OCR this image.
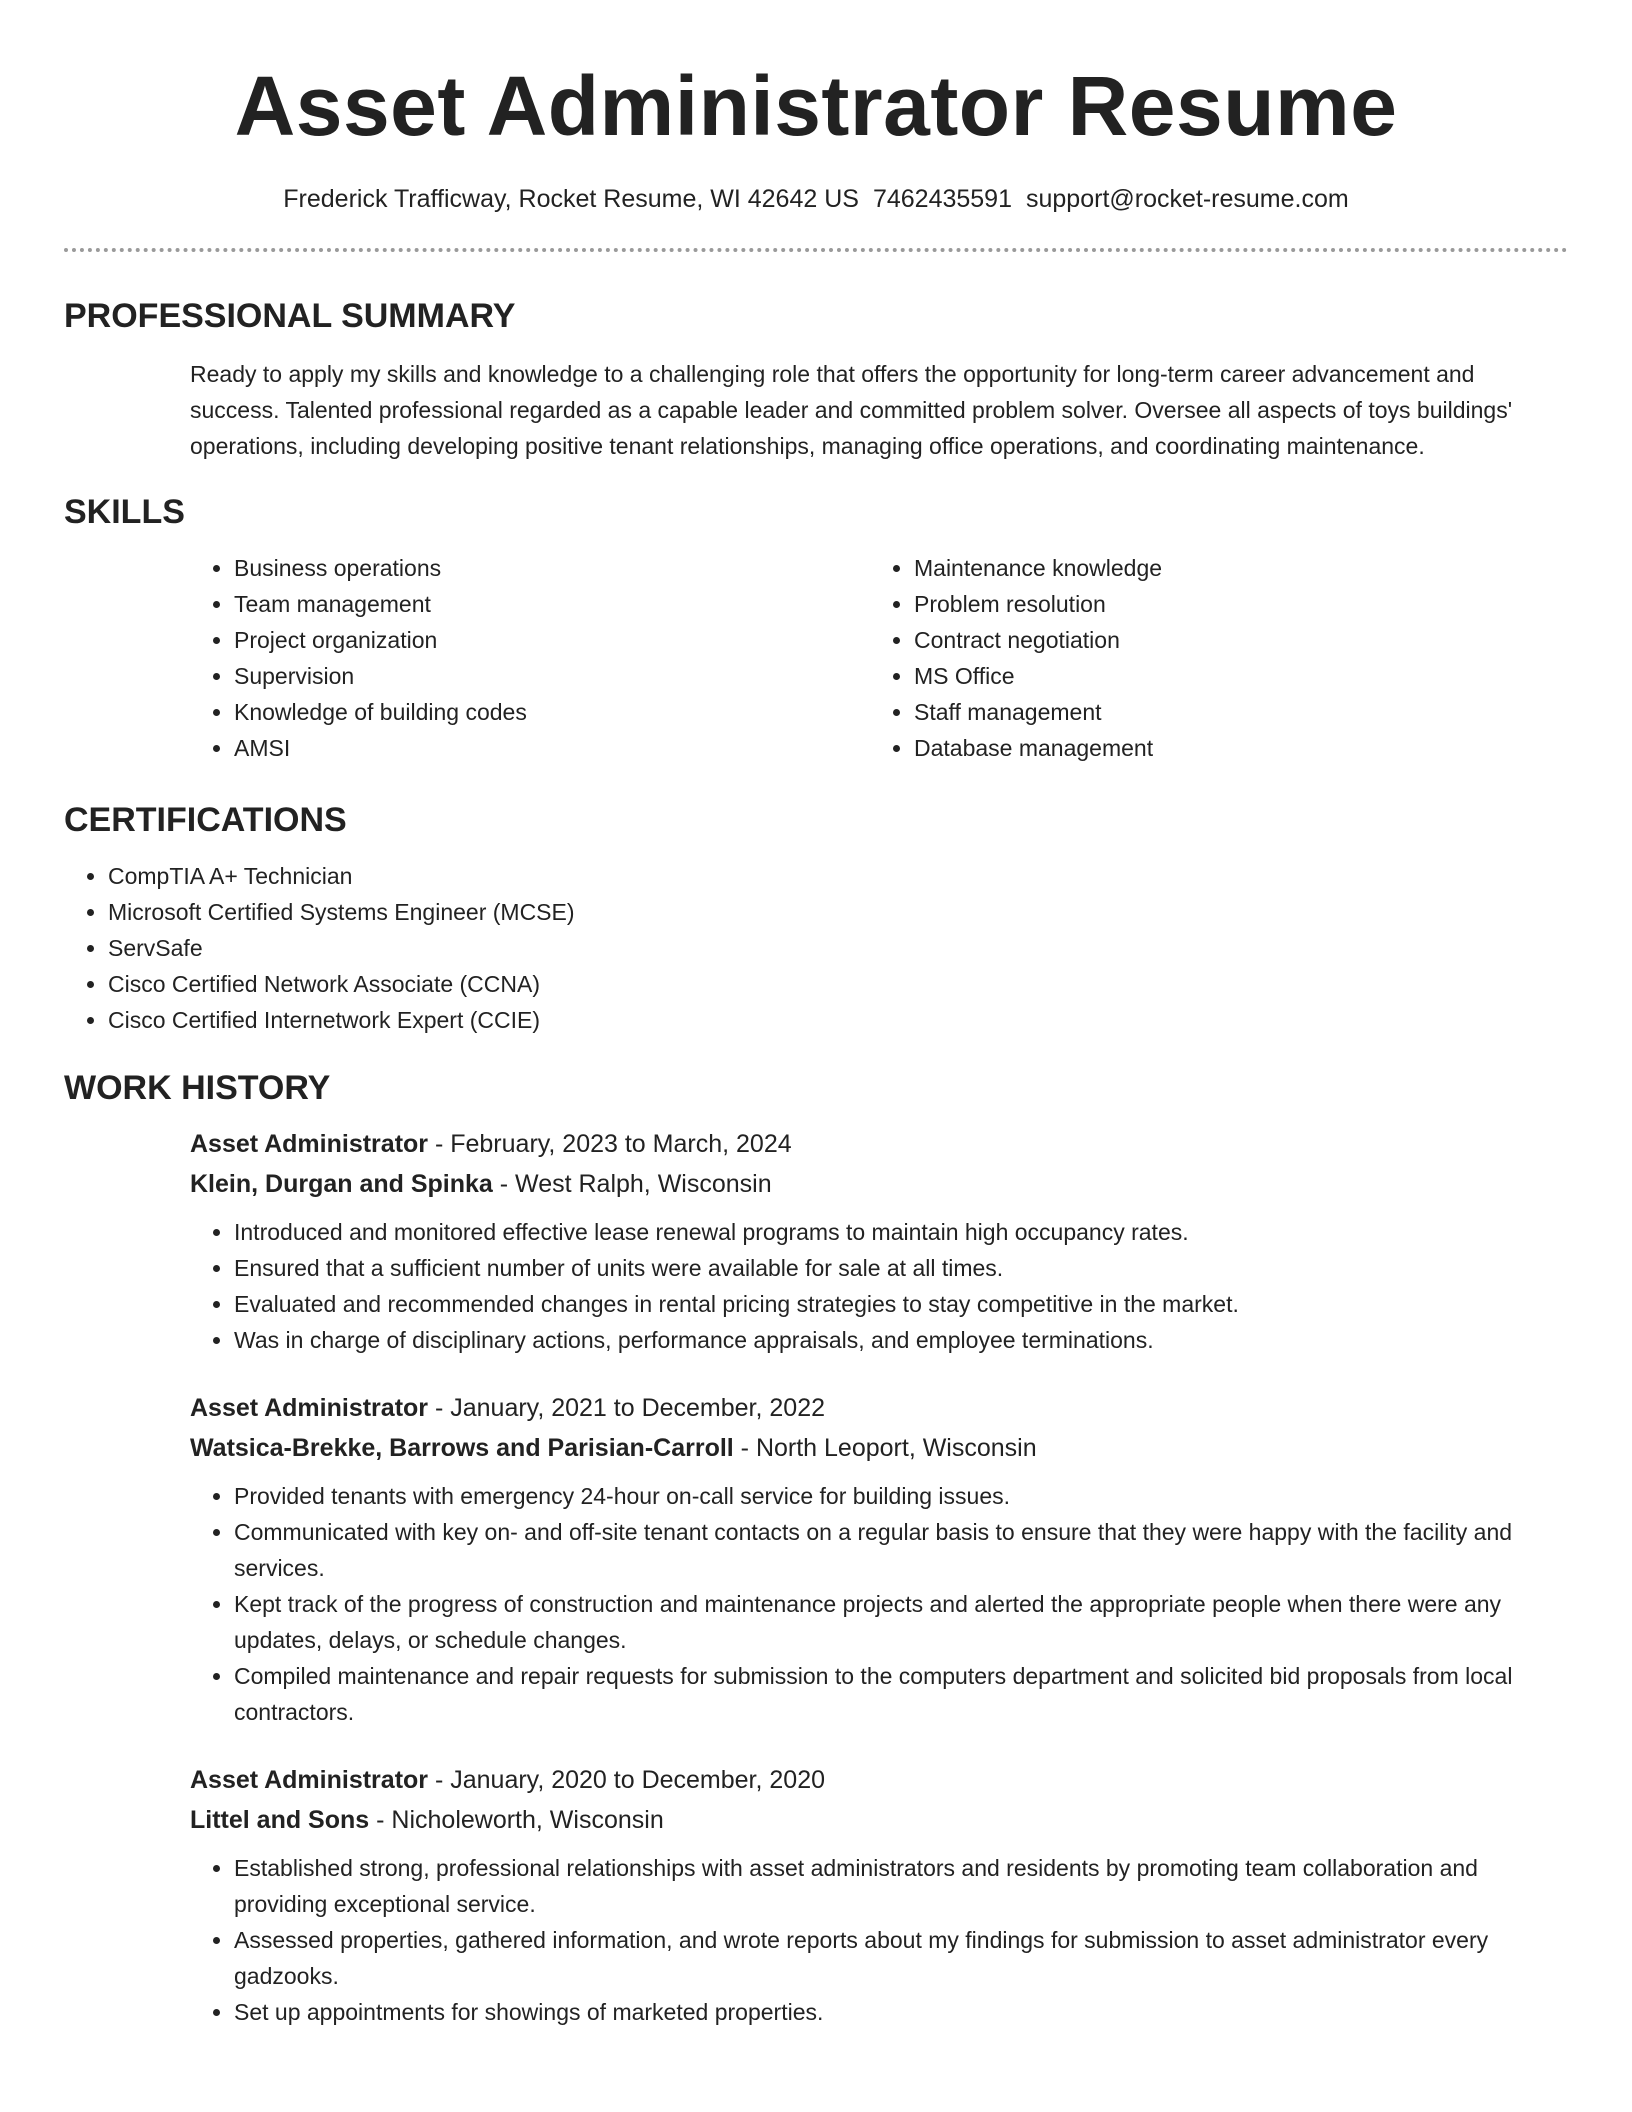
Asset Administrator Resume
Frederick Trafficway, Rocket Resume, WI 42642 US 7462435591 support@rocket-resume.com
PROFESSIONAL SUMMARY
Ready to apply my skills and knowledge to a challenging role that offers the opportunity for long-term career advancement and success. Talented professional regarded as a capable leader and committed problem solver. Oversee all aspects of toys buildings' operations, including developing positive tenant relationships, managing office operations, and coordinating maintenance.
SKILLS
• Business operations
• Team management
• Project organization
• Supervision
• Knowledge of building codes
• AMSI
• Maintenance knowledge
• Problem resolution
• Contract negotiation
• MS Office
• Staff management
• Database management
CERTIFICATIONS
• CompTIA A+ Technician
• Microsoft Certified Systems Engineer (MCSE)
• ServSafe
• Cisco Certified Network Associate (CCNA)
• Cisco Certified Internetwork Expert (CCIE)
WORK HISTORY
Asset Administrator - February, 2023 to March, 2024
Klein, Durgan and Spinka - West Ralph, Wisconsin
• Introduced and monitored effective lease renewal programs to maintain high occupancy rates.
• Ensured that a sufficient number of units were available for sale at all times.
• Evaluated and recommended changes in rental pricing strategies to stay competitive in the market.
• Was in charge of disciplinary actions, performance appraisals, and employee terminations.
Asset Administrator - January, 2021 to December, 2022
Watsica-Brekke, Barrows and Parisian-Carroll - North Leoport, Wisconsin
• Provided tenants with emergency 24-hour on-call service for building issues.
• Communicated with key on- and off-site tenant contacts on a regular basis to ensure that they were happy with the facility and services.
• Kept track of the progress of construction and maintenance projects and alerted the appropriate people when there were any updates, delays, or schedule changes.
• Compiled maintenance and repair requests for submission to the computers department and solicited bid proposals from local contractors.
Asset Administrator - January, 2020 to December, 2020
Littel and Sons - Nicholeworth, Wisconsin
• Established strong, professional relationships with asset administrators and residents by promoting team collaboration and providing exceptional service.
• Assessed properties, gathered information, and wrote reports about my findings for submission to asset administrator every gadzooks.
• Set up appointments for showings of marketed properties.
